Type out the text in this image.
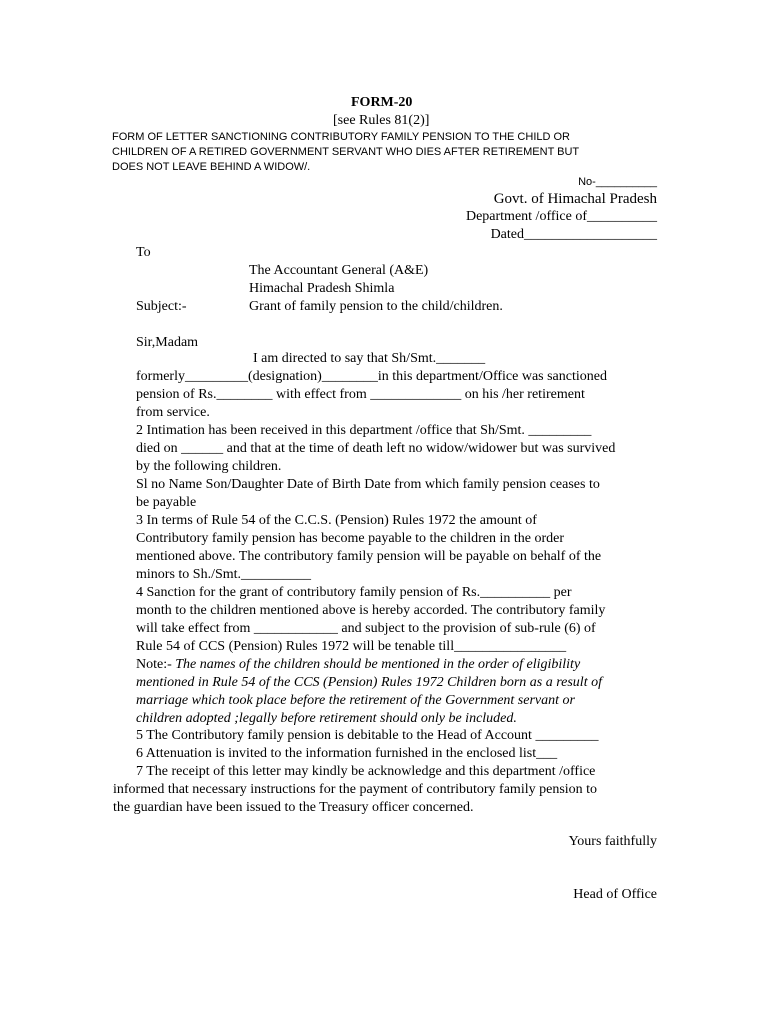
FORM-20
[see Rules 81(2)]
FORM OF LETTER SANCTIONING CONTRIBUTORY FAMILY PENSION TO THE CHILD OR
CHILDREN OF A RETIRED GOVERNMENT SERVANT WHO DIES AFTER RETIREMENT BUT
DOES NOT LEAVE BEHIND A WIDOW/.
No-__________
Govt. of Himachal Pradesh
Department /office of__________
Dated___________________
To
The Accountant General (A&E)
Himachal Pradesh Shimla
Subject:-	Grant of family pension to the child/children.
Sir,Madam
I am directed to say that Sh/Smt._______
formerly_________(designation)________in this department/Office was sanctioned
pension of Rs.________ with effect from _____________ on his /her retirement
from service.
2 Intimation has been received in this department /office that Sh/Smt. _________
died on ______ and that at the time of death left no widow/widower but was survived
by the following children.
Sl no Name Son/Daughter Date of Birth Date from which family pension ceases to
be payable
3 In terms of Rule 54 of the C.C.S. (Pension) Rules 1972 the amount of
Contributory family pension has become payable to the children in the order
mentioned above. The contributory family pension will be payable on behalf of the
minors to Sh./Smt.__________
4 Sanction for the grant of contributory family pension of Rs.__________ per
month to the children mentioned above is hereby accorded. The contributory family
will take effect from ____________ and subject to the provision of sub-rule (6) of
Rule 54 of CCS (Pension) Rules 1972 will be tenable till________________
Note:- The names of the children should be mentioned in the order of eligibility
mentioned in Rule 54 of the CCS (Pension) Rules 1972 Children born as a result of
marriage which took place before the retirement of the Government servant or
children adopted ;legally before retirement should only be included.
5 The Contributory family pension is debitable to the Head of Account _________
6 Attenuation is invited to the information furnished in the enclosed list___
7 The receipt of this letter may kindly be acknowledge and this department /office
informed that necessary instructions for the payment of contributory family pension to
the guardian have been issued to the Treasury officer concerned.
Yours faithfully
Head of Office
